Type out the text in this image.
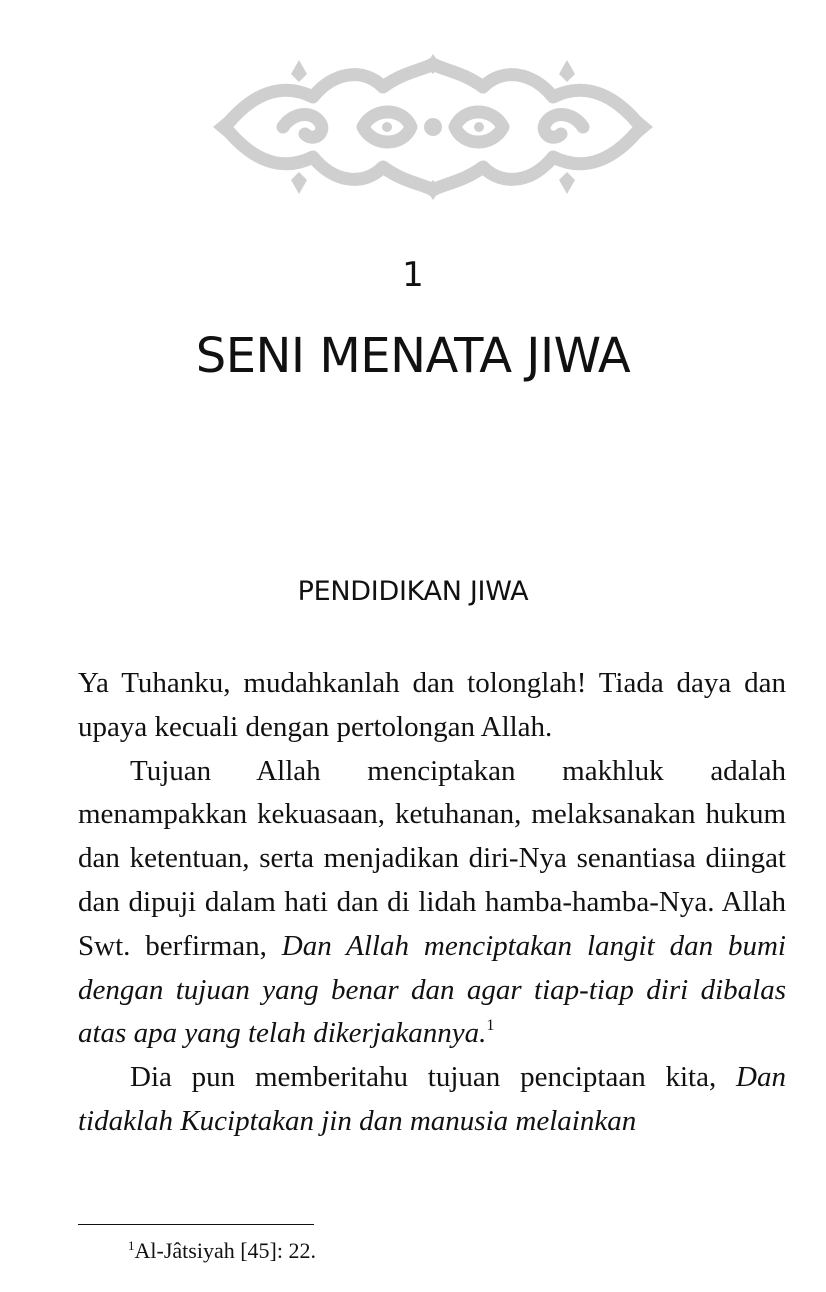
1
SENI MENATA JIWA
PENDIDIKAN JIWA

Ya Tuhanku, mudahkanlah dan tolonglah! Tiada daya dan upaya kecuali dengan pertolongan Allah.

Tujuan Allah menciptakan makhluk adalah menampakkan kekuasaan, ketuhanan, melaksanakan hukum dan ketentuan, serta menjadikan diri-Nya senantiasa diingat dan dipuji dalam hati dan di lidah hamba-hamba-Nya. Allah Swt. berfirman, Dan Allah menciptakan langit dan bumi dengan tujuan yang benar dan agar tiap-tiap diri dibalas atas apa yang telah dikerjakannya.$^1$

Dia pun memberitahu tujuan penciptaan kita, Dan tidaklah Kuciptakan jin dan manusia melainkan

$^1$Al-Jâtsiyah [45]: 22.
